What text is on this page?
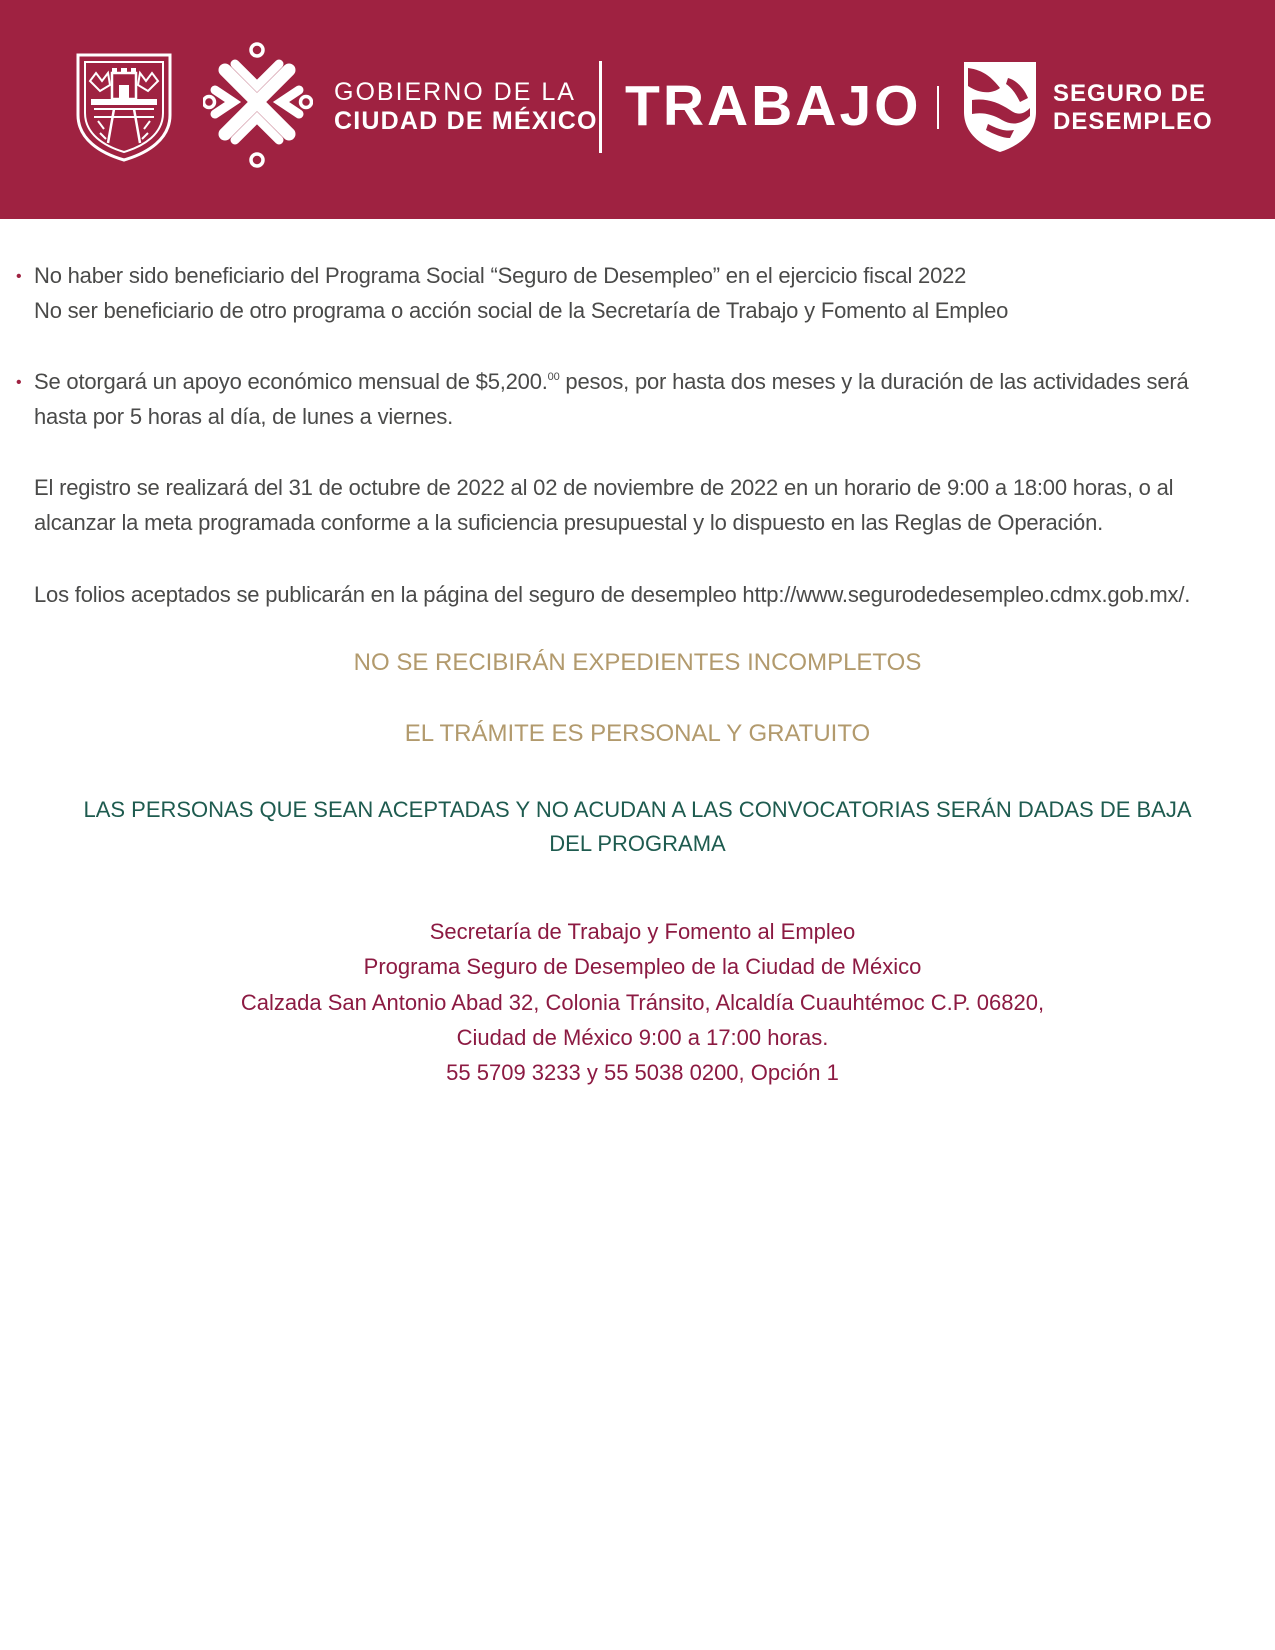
GOBIERNO DE LA
CIUDAD DE MÉXICO TRABAJO	SEGURO DE
DESEMPLEO
• No haber sido beneficiario del Programa Social “Seguro de Desempleo” en el ejercicio fiscal 2022
No ser beneficiario de otro programa o acción social de la Secretaría de Trabajo y Fomento al Empleo
• Se otorgará un apoyo económico mensual de $5,200.00 pesos, por hasta dos meses y la duración de las actividades será hasta por 5 horas al día, de lunes a viernes.
El registro se realizará del 31 de octubre de 2022 al 02 de noviembre de 2022 en un horario de 9:00 a 18:00 horas, o al alcanzar la meta programada conforme a la suficiencia presupuestal y lo dispuesto en las Reglas de Operación.
Los folios aceptados se publicarán en la página del seguro de desempleo http://www.segurodedesempleo.cdmx.gob.mx/.
NO SE RECIBIRÁN EXPEDIENTES INCOMPLETOS
EL TRÁMITE ES PERSONAL Y GRATUITO
LAS PERSONAS QUE SEAN ACEPTADAS Y NO ACUDAN A LAS CONVOCATORIAS SERÁN DADAS DE BAJA DEL PROGRAMA
Secretaría de Trabajo y Fomento al Empleo
Programa Seguro de Desempleo de la Ciudad de México
Calzada San Antonio Abad 32, Colonia Tránsito, Alcaldía Cuauhtémoc C.P. 06820,
Ciudad de México 9:00 a 17:00 horas.
55 5709 3233 y 55 5038 0200, Opción 1
